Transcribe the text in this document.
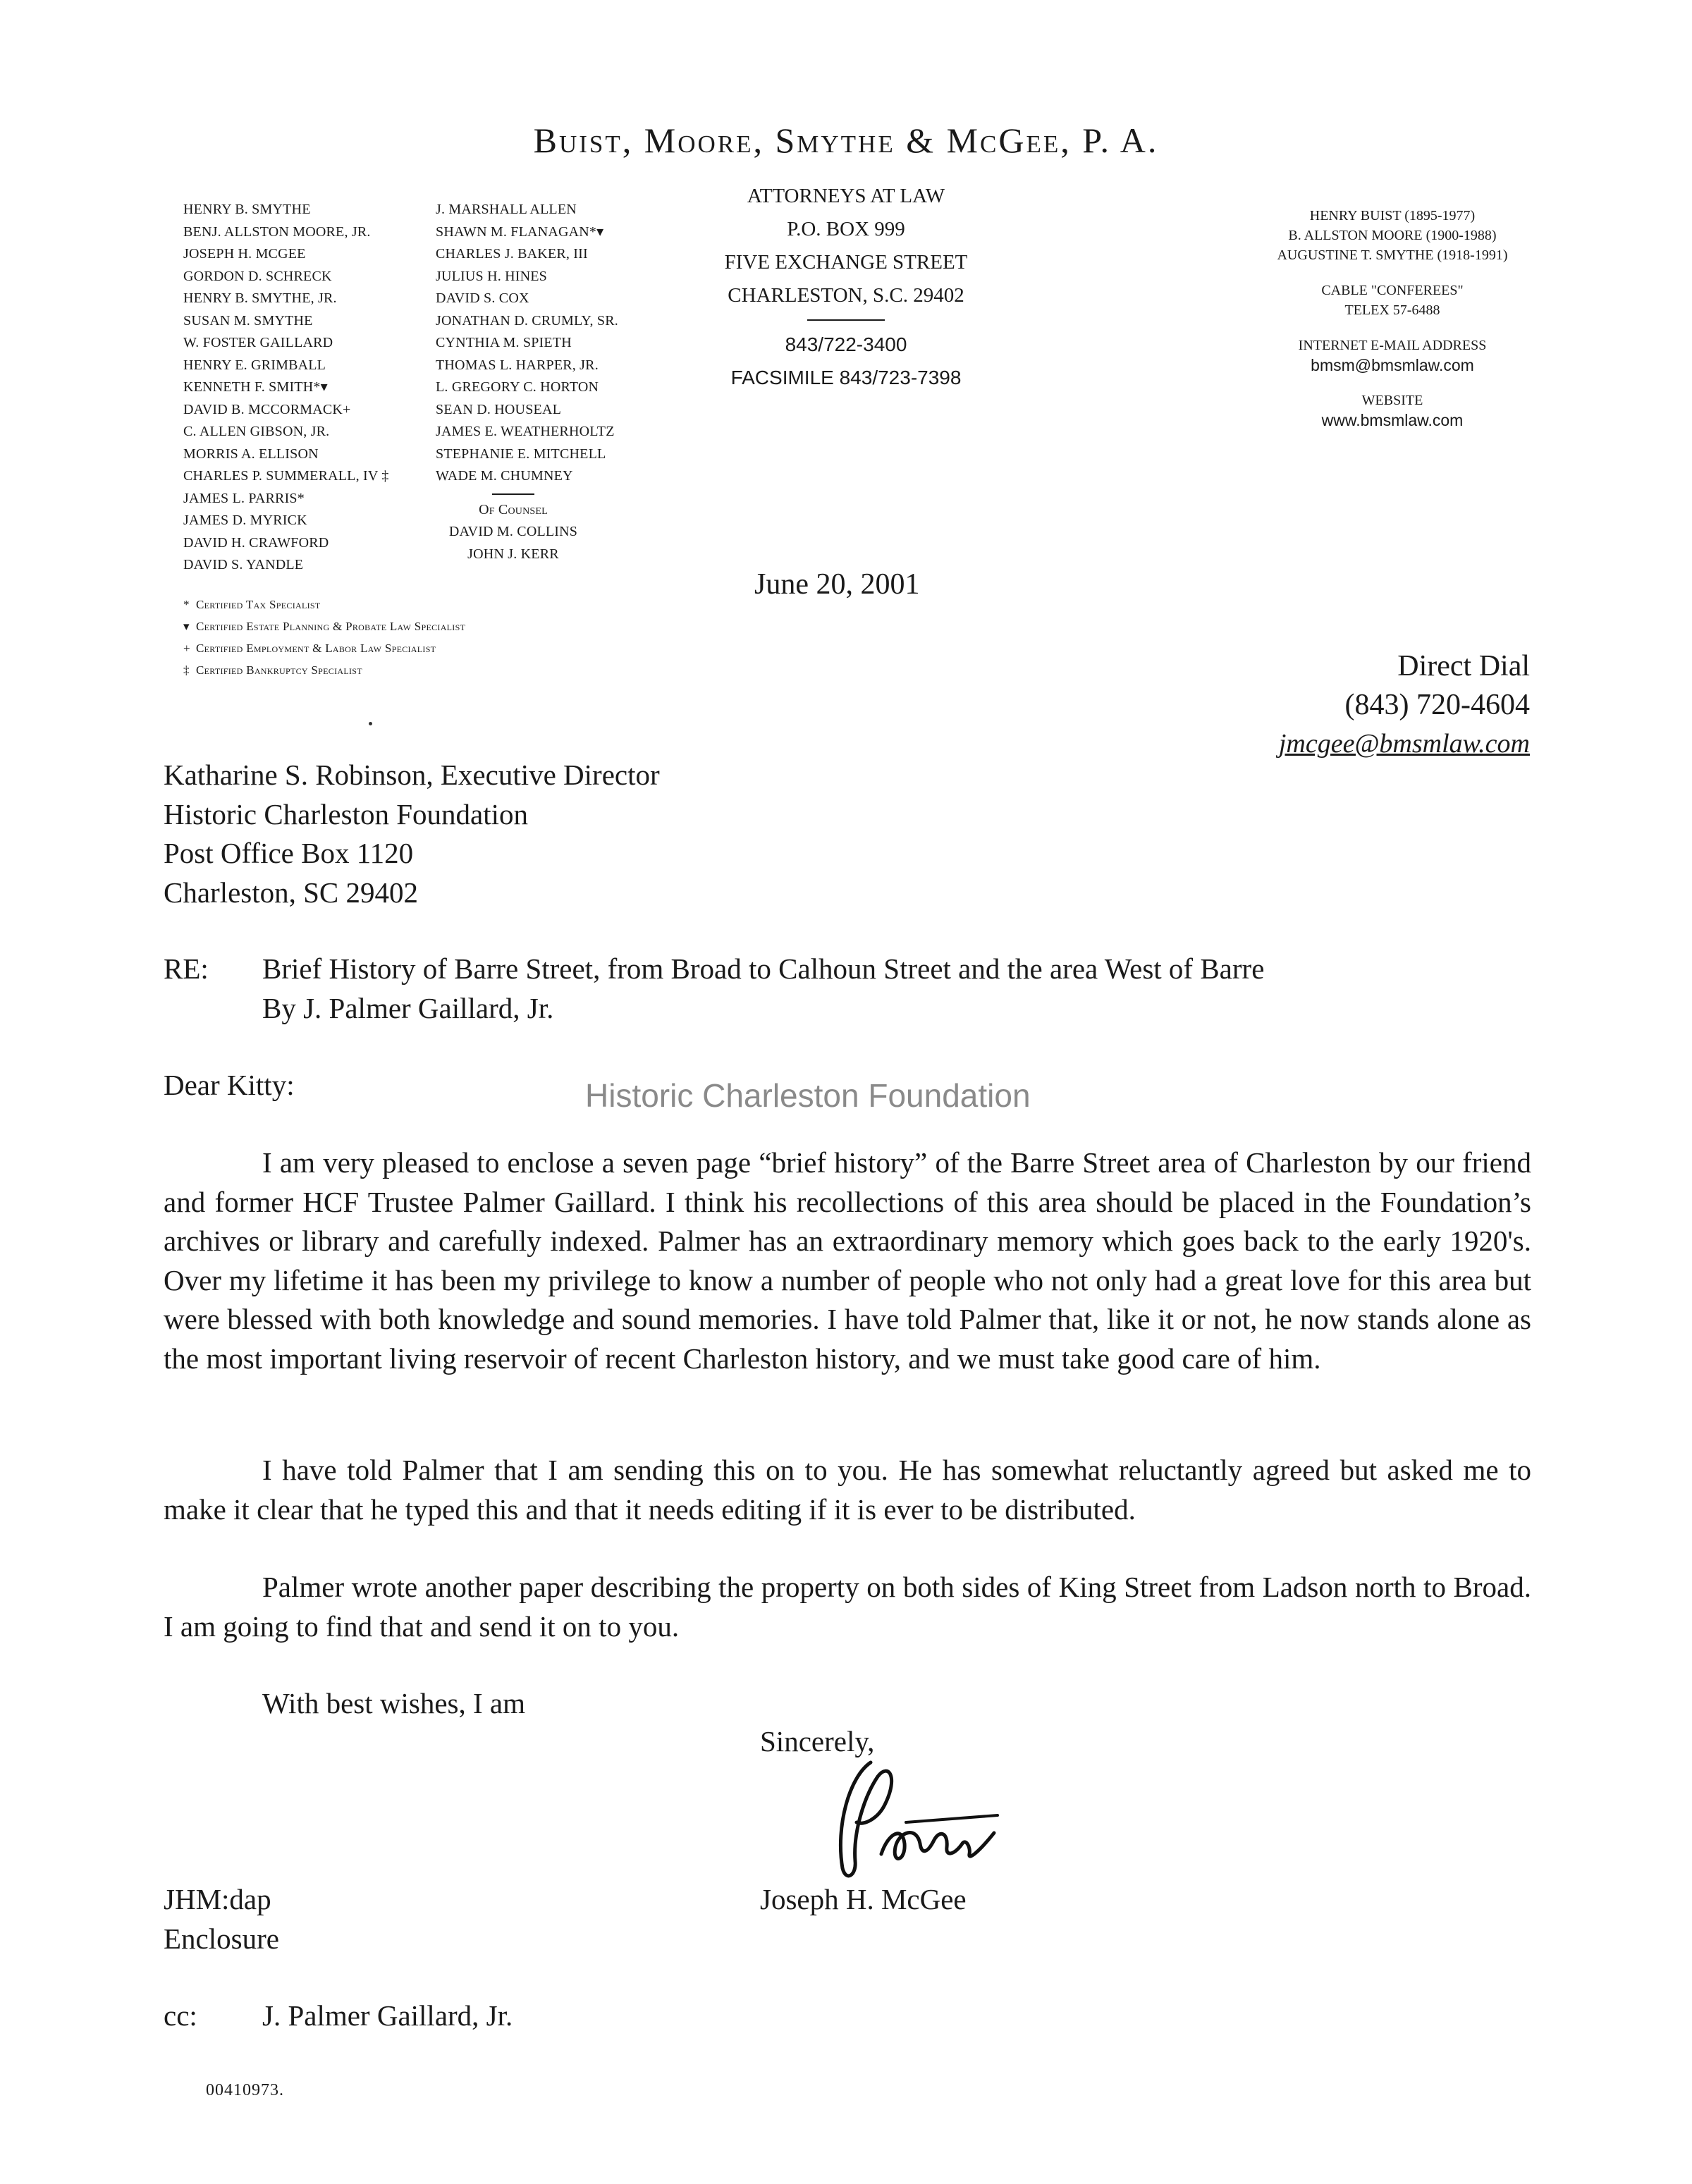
Buist, Moore, Smythe & McGee, P. A.
HENRY B. SMYTHE
BENJ. ALLSTON MOORE, JR.
JOSEPH H. MCGEE
GORDON D. SCHRECK
HENRY B. SMYTHE, JR.
SUSAN M. SMYTHE
W. FOSTER GAILLARD
HENRY E. GRIMBALL
KENNETH F. SMITH*▾
DAVID B. MCCORMACK+
C. ALLEN GIBSON, JR.
MORRIS A. ELLISON
CHARLES P. SUMMERALL, IV ‡
JAMES L. PARRIS*
JAMES D. MYRICK
DAVID H. CRAWFORD
DAVID S. YANDLE
J. MARSHALL ALLEN
SHAWN M. FLANAGAN*▾
CHARLES J. BAKER, III
JULIUS H. HINES
DAVID S. COX
JONATHAN D. CRUMLY, SR.
CYNTHIA M. SPIETH
THOMAS L. HARPER, JR.
L. GREGORY C. HORTON
SEAN D. HOUSEAL
JAMES E. WEATHERHOLTZ
STEPHANIE E. MITCHELL
WADE M. CHUMNEY
Of Counsel
DAVID M. COLLINS
JOHN J. KERR
ATTORNEYS AT LAW
P.O. BOX 999
FIVE EXCHANGE STREET
CHARLESTON, S.C. 29402
843/722-3400
FACSIMILE 843/723-7398
HENRY BUIST (1895-1977)
B. ALLSTON MOORE (1900-1988)
AUGUSTINE T. SMYTHE (1918-1991)
CABLE "CONFEREES"
TELEX 57-6488
INTERNET E-MAIL ADDRESS
bmsm@bmsmlaw.com
WEBSITE
www.bmsmlaw.com
* Certified Tax Specialist
▾ Certified Estate Planning & Probate Law Specialist
+ Certified Employment & Labor Law Specialist
‡ Certified Bankruptcy Specialist
June 20, 2001
Direct Dial
(843) 720-4604
jmcgee@bmsmlaw.com
Katharine S. Robinson, Executive Director
Historic Charleston Foundation
Post Office Box 1120
Charleston, SC 29402
RE: Brief History of Barre Street, from Broad to Calhoun Street and the area West of Barre
By J. Palmer Gaillard, Jr.
Dear Kitty:	Historic Charleston Foundation
I am very pleased to enclose a seven page “brief history” of the Barre Street area of Charleston by our friend and former HCF Trustee Palmer Gaillard. I think his recollections of this area should be placed in the Foundation’s archives or library and carefully indexed. Palmer has an extraordinary memory which goes back to the early 1920's. Over my lifetime it has been my privilege to know a number of people who not only had a great love for this area but were blessed with both knowledge and sound memories. I have told Palmer that, like it or not, he now stands alone as the most important living reservoir of recent Charleston history, and we must take good care of him.
I have told Palmer that I am sending this on to you. He has somewhat reluctantly agreed but asked me to make it clear that he typed this and that it needs editing if it is ever to be distributed.
Palmer wrote another paper describing the property on both sides of King Street from Ladson north to Broad. I am going to find that and send it on to you.
With best wishes, I am
Sincerely,
Joseph H. McGee
JHM:dap
Enclosure
cc: J. Palmer Gaillard, Jr.
00410973.
